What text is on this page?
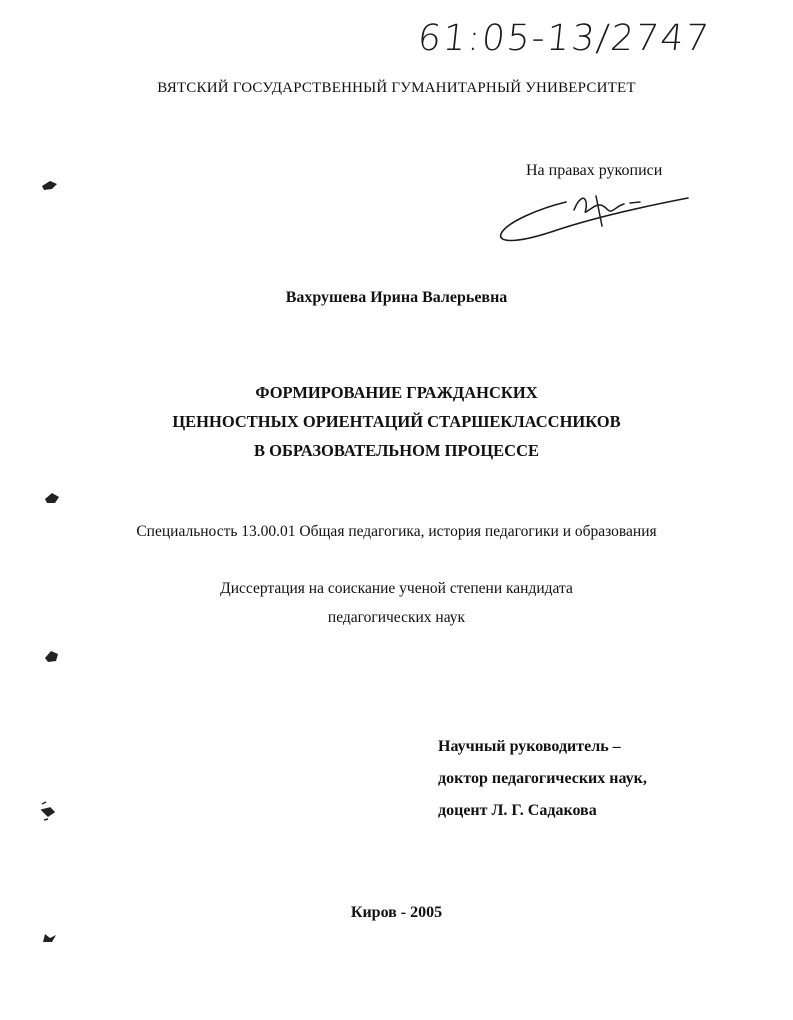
61:05-13/2747
ВЯТСКИЙ ГОСУДАРСТВЕННЫЙ ГУМАНИТАРНЫЙ УНИВЕРСИТЕТ
На правах рукописи
Вахрушева Ирина Валерьевна
ФОРМИРОВАНИЕ ГРАЖДАНСКИХ
ЦЕННОСТНЫХ ОРИЕНТАЦИЙ СТАРШЕКЛАССНИКОВ
В ОБРАЗОВАТЕЛЬНОМ ПРОЦЕССЕ
Специальность 13.00.01 Общая педагогика, история педагогики и образования
Диссертация на соискание ученой степени кандидата
педагогических наук
Научный руководитель –
доктор педагогических наук,
доцент Л. Г. Садакова
Киров - 2005
